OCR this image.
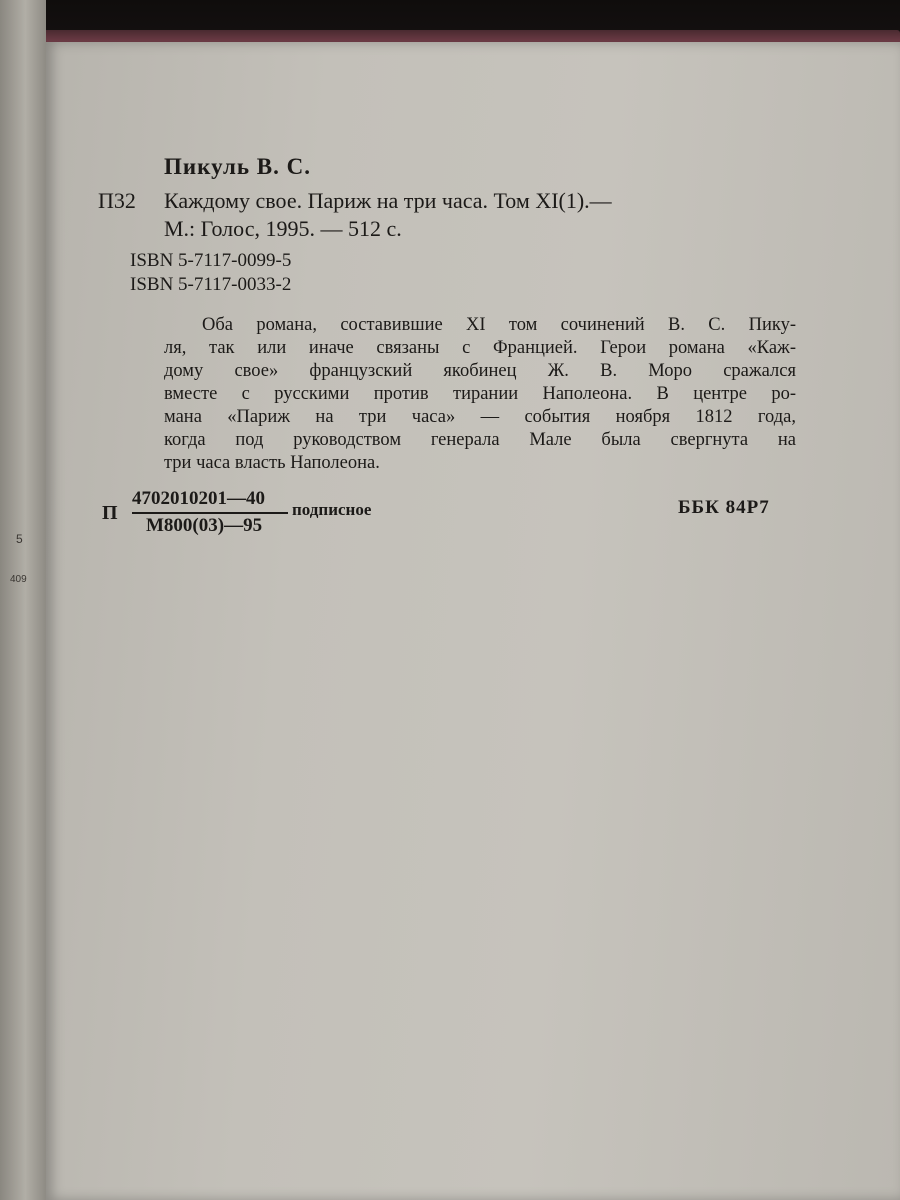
5
409
Пикуль В. С.
П32 Каждому свое. Париж на три часа. Том XI(1).—
М.: Голос, 1995. — 512 с.
ISBN 5-7117-0099-5
ISBN 5-7117-0033-2
Оба романа, составившие XI том сочинений В. С. Пику-
ля, так или иначе связаны с Францией. Герои романа «Каж-
дому свое» французский якобинец Ж. В. Моро сражался
вместе с русскими против тирании Наполеона. В центре ро-
мана «Париж на три часа» — события ноября 1812 года,
когда под руководством генерала Мале была свергнута на
три часа власть Наполеона.
П
4702010201—40
М800(03)—95
подписное	ББК 84Р7
